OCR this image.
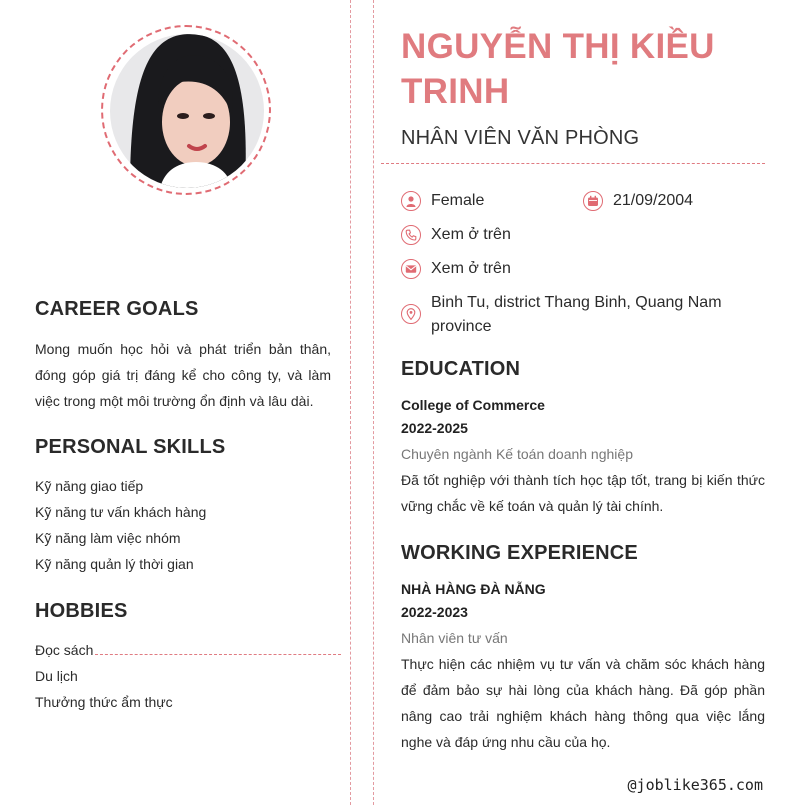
CAREER GOALS
Mong muốn học hỏi và phát triển bản thân, đóng góp giá trị đáng kể cho công ty, và làm việc trong một môi trường ổn định và lâu dài.
PERSONAL SKILLS
Kỹ năng giao tiếp
Kỹ năng tư vấn khách hàng
Kỹ năng làm việc nhóm
Kỹ năng quản lý thời gian
HOBBIES
Đọc sách
Du lịch
Thưởng thức ẩm thực
NGUYỄN THỊ KIỀU TRINH
NHÂN VIÊN VĂN PHÒNG
Female	21/09/2004
Xem ở trên
Xem ở trên
Binh Tu, district Thang Binh, Quang Nam province
EDUCATION
College of Commerce
2022-2025
Chuyên ngành Kế toán doanh nghiệp
Đã tốt nghiệp với thành tích học tập tốt, trang bị kiến thức vững chắc về kế toán và quản lý tài chính.
WORKING EXPERIENCE
NHÀ HÀNG ĐÀ NẴNG
2022-2023
Nhân viên tư vấn
Thực hiện các nhiệm vụ tư vấn và chăm sóc khách hàng để đảm bảo sự hài lòng của khách hàng. Đã góp phần nâng cao trải nghiệm khách hàng thông qua việc lắng nghe và đáp ứng nhu cầu của họ.
@joblike365.com
